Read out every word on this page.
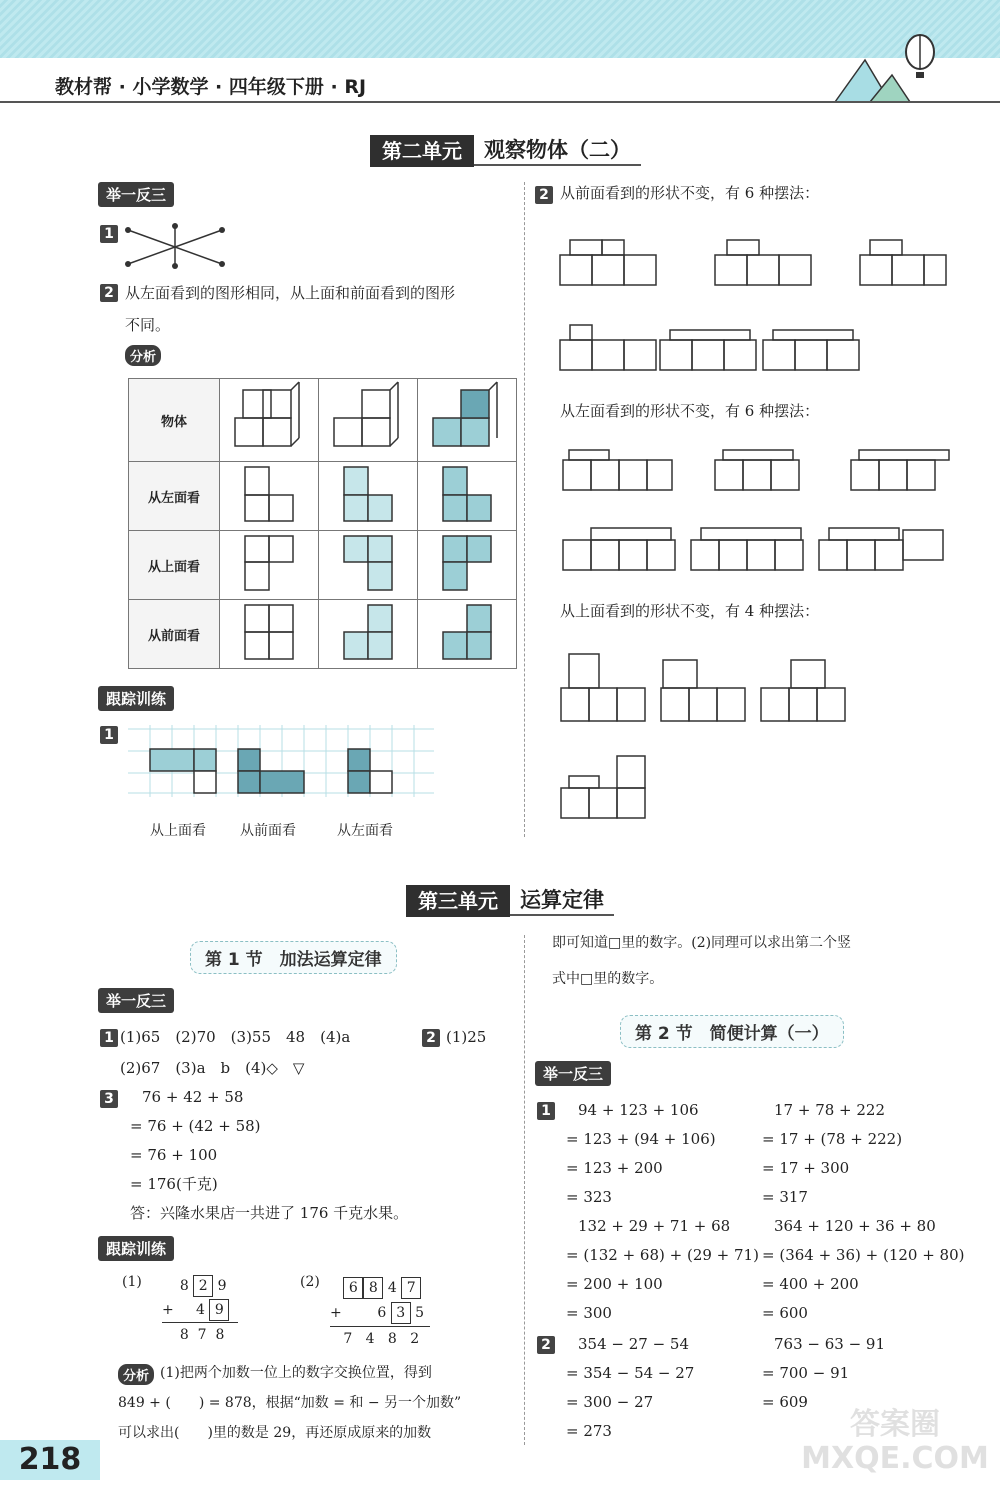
教材帮 · 小学数学 · 四年级下册 · RJ
第二单元	观察物体（二）
举一反三
1
2 从左面看到的图形相同，从上面和前面看到的图形
不同。
分析
物体			
从左面看			
从上面看			
从前面看			
跟踪训练
1
从上面看 从前面看	从左面看
2 从前面看到的形状不变，有 6 种摆法：
从左面看到的形状不变，有 6 种摆法：
从上面看到的形状不变，有 4 种摆法：
第三单元	运算定律
第 1 节　加法运算定律
举一反三
1 (1)65　(2)70　(3)55　48　(4)a	2 (1)25
(2)67　(3)a　b　(4)◇　▽
3	76 + 42 + 58
= 76 + (42 + 58)
= 76 + 100
= 176(千克)
答：兴隆水果店一共进了 176 千克水果。
跟踪训练
(1)	8 2 9
+ 4 9
8 7 8
(2)	6 8 4 7
+	6 3 5
7 4 8 2
分析 (1)把两个加数一位上的数字交换位置，得到
849 + (　　) = 878，根据“加数 = 和 − 另一个加数”
可以求出(　　)里的数是 29，再还原成原来的加数
即可知道□里的数字。(2)同理可以求出第二个竖
式中□里的数字。
第 2 节　简便计算（一）
举一反三
1	94 + 123 + 106
= 123 + (94 + 106)
= 123 + 200
= 323
132 + 29 + 71 + 68
= (132 + 68) + (29 + 71)
= 200 + 100
= 300
17 + 78 + 222
= 17 + (78 + 222)
= 17 + 300
= 317
364 + 120 + 36 + 80
= (364 + 36) + (120 + 80)
= 400 + 200
= 600
2	354 − 27 − 54
= 354 − 54 − 27
= 300 − 27
= 273
763 − 63 − 91
= 700 − 91
= 609
218
答案圈 MXQE.COM
